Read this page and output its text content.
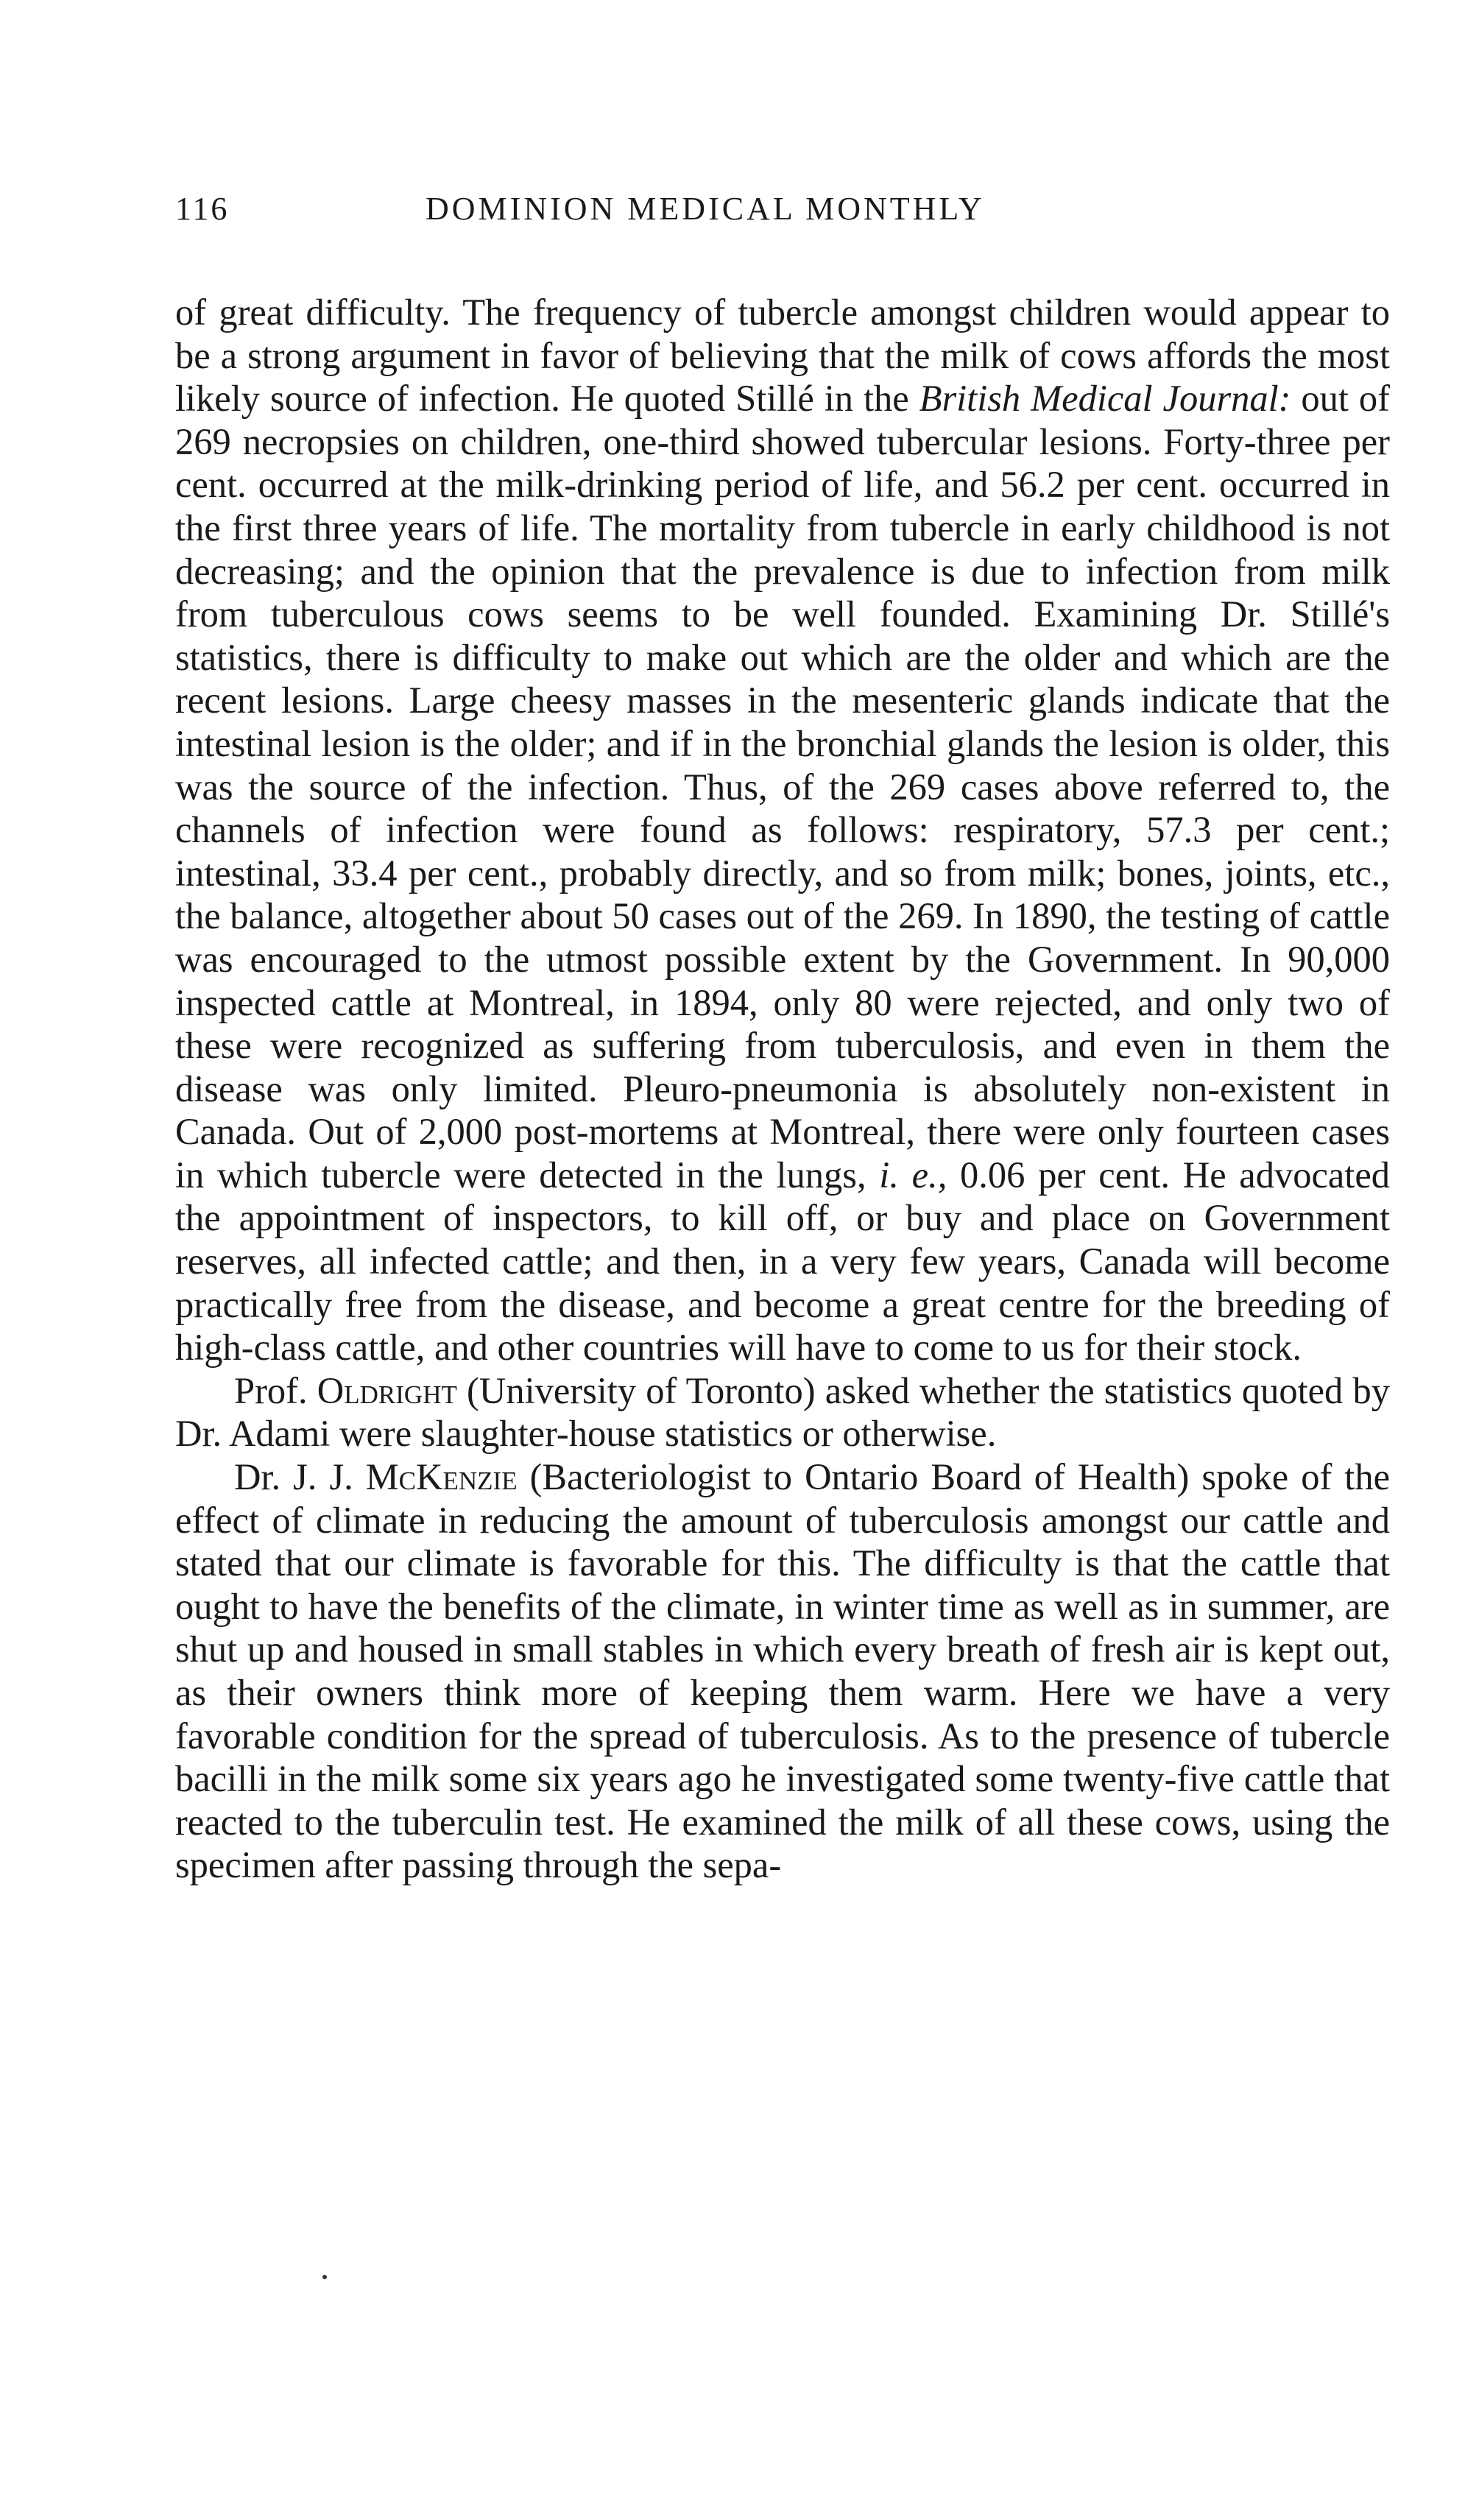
116	DOMINION MEDICAL MONTHLY

of great difficulty. The frequency of tubercle amongst children would appear to be a strong argument in favor of believing that the milk of cows affords the most likely source of infection. He quoted Stillé in the British Medical Journal: out of 269 necropsies on children, one-third showed tubercular lesions. Forty-three per cent. occurred at the milk-drinking period of life, and 56.2 per cent. occurred in the first three years of life. The mortality from tubercle in early childhood is not decreasing; and the opinion that the prevalence is due to infection from milk from tuberculous cows seems to be well founded. Examining Dr. Stillé's statistics, there is difficulty to make out which are the older and which are the recent lesions. Large cheesy masses in the mesenteric glands indicate that the intestinal lesion is the older; and if in the bronchial glands the lesion is older, this was the source of the infection. Thus, of the 269 cases above referred to, the channels of infection were found as follows: respiratory, 57.3 per cent.; intestinal, 33.4 per cent., probably directly, and so from milk; bones, joints, etc., the balance, altogether about 50 cases out of the 269. In 1890, the testing of cattle was encouraged to the utmost possible extent by the Government. In 90,000 inspected cattle at Montreal, in 1894, only 80 were rejected, and only two of these were recognized as suffering from tuberculosis, and even in them the disease was only limited. Pleuro-pneumonia is absolutely non-existent in Canada. Out of 2,000 post-mortems at Montreal, there were only fourteen cases in which tubercle were detected in the lungs, i. e., 0.06 per cent. He advocated the appointment of inspectors, to kill off, or buy and place on Government reserves, all infected cattle; and then, in a very few years, Canada will become practically free from the disease, and become a great centre for the breeding of high-class cattle, and other countries will have to come to us for their stock.

Prof. Oldright (University of Toronto) asked whether the statistics quoted by Dr. Adami were slaughter-house statistics or otherwise.

Dr. J. J. McKenzie (Bacteriologist to Ontario Board of Health) spoke of the effect of climate in reducing the amount of tuberculosis amongst our cattle and stated that our climate is favorable for this. The difficulty is that the cattle that ought to have the benefits of the climate, in winter time as well as in summer, are shut up and housed in small stables in which every breath of fresh air is kept out, as their owners think more of keeping them warm. Here we have a very favorable condition for the spread of tuberculosis. As to the presence of tubercle bacilli in the milk some six years ago he investigated some twenty-five cattle that reacted to the tuberculin test. He examined the milk of all these cows, using the specimen after passing through the sepa-
